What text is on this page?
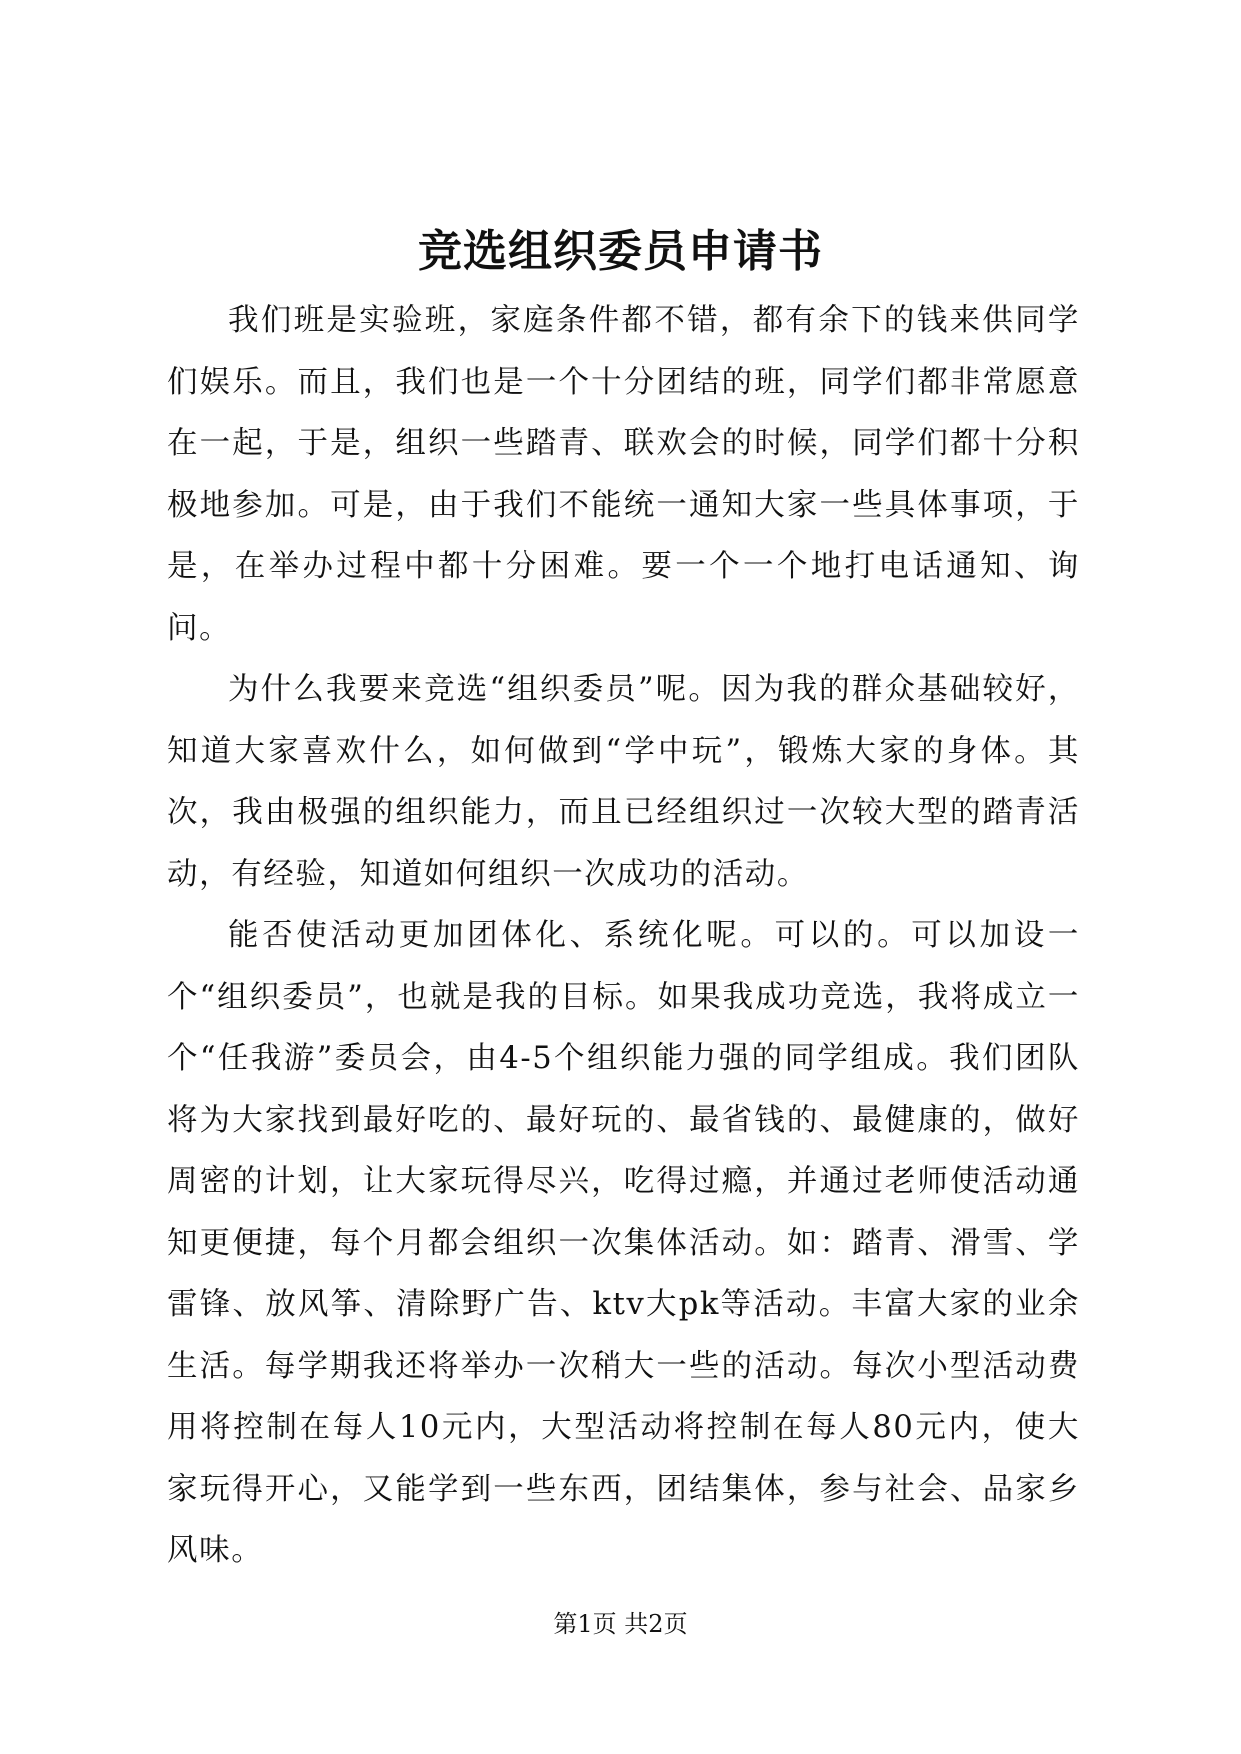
竞选组织委员申请书

我们班是实验班，家庭条件都不错，都有余下的钱来供同学们娱乐。而且，我们也是一个十分团结的班，同学们都非常愿意在一起，于是，组织一些踏青、联欢会的时候，同学们都十分积极地参加。可是，由于我们不能统一通知大家一些具体事项，于是，在举办过程中都十分困难。要一个一个地打电话通知、询问。

为什么我要来竞选“组织委员”呢。因为我的群众基础较好，知道大家喜欢什么，如何做到“学中玩”，锻炼大家的身体。其次，我由极强的组织能力，而且已经组织过一次较大型的踏青活动，有经验，知道如何组织一次成功的活动。

能否使活动更加团体化、系统化呢。可以的。可以加设一个“组织委员”，也就是我的目标。如果我成功竞选，我将成立一个“任我游”委员会，由4-5个组织能力强的同学组成。我们团队将为大家找到最好吃的、最好玩的、最省钱的、最健康的，做好周密的计划，让大家玩得尽兴，吃得过瘾，并通过老师使活动通知更便捷，每个月都会组织一次集体活动。如：踏青、滑雪、学雷锋、放风筝、清除野广告、ktv大pk等活动。丰富大家的业余生活。每学期我还将举办一次稍大一些的活动。每次小型活动费用将控制在每人10元内，大型活动将控制在每人80元内，使大家玩得开心，又能学到一些东西，团结集体，参与社会、品家乡风味。

第1页 共2页
